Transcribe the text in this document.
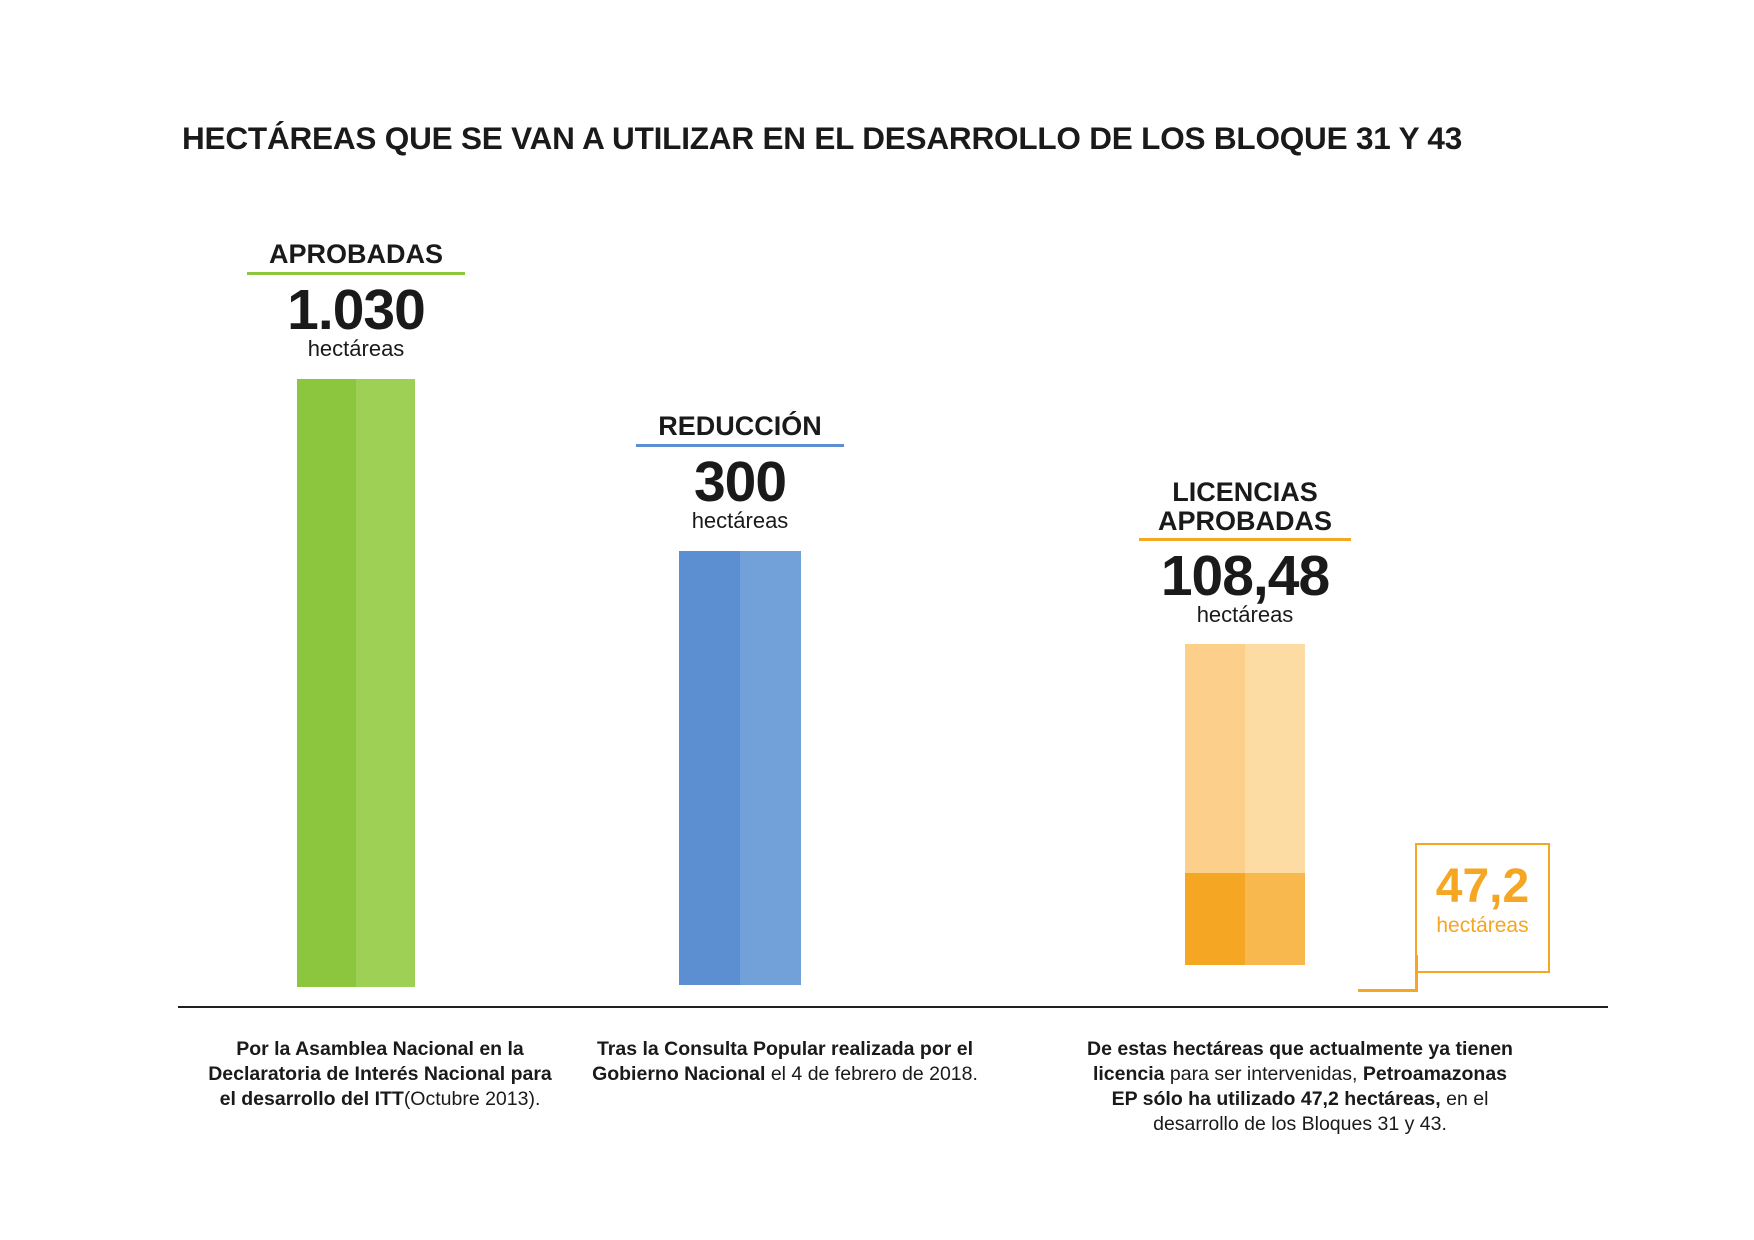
HECTÁREAS QUE SE VAN A UTILIZAR EN EL DESARROLLO DE LOS BLOQUE 31 Y 43
APROBADAS
1.030
hectáreas
Por la Asamblea Nacional en la Declaratoria de Interés Nacional para el desarrollo del ITT(Octubre 2013).
REDUCCIÓN
300
hectáreas
Tras la Consulta Popular realizada por el Gobierno Nacional el 4 de febrero de 2018.
LICENCIAS APROBADAS
108,48
hectáreas
De estas hectáreas que actualmente ya tienen licencia para ser intervenidas, Petroamazonas EP sólo ha utilizado 47,2 hectáreas, en el desarrollo de los Bloques 31 y 43.
47,2
hectáreas
